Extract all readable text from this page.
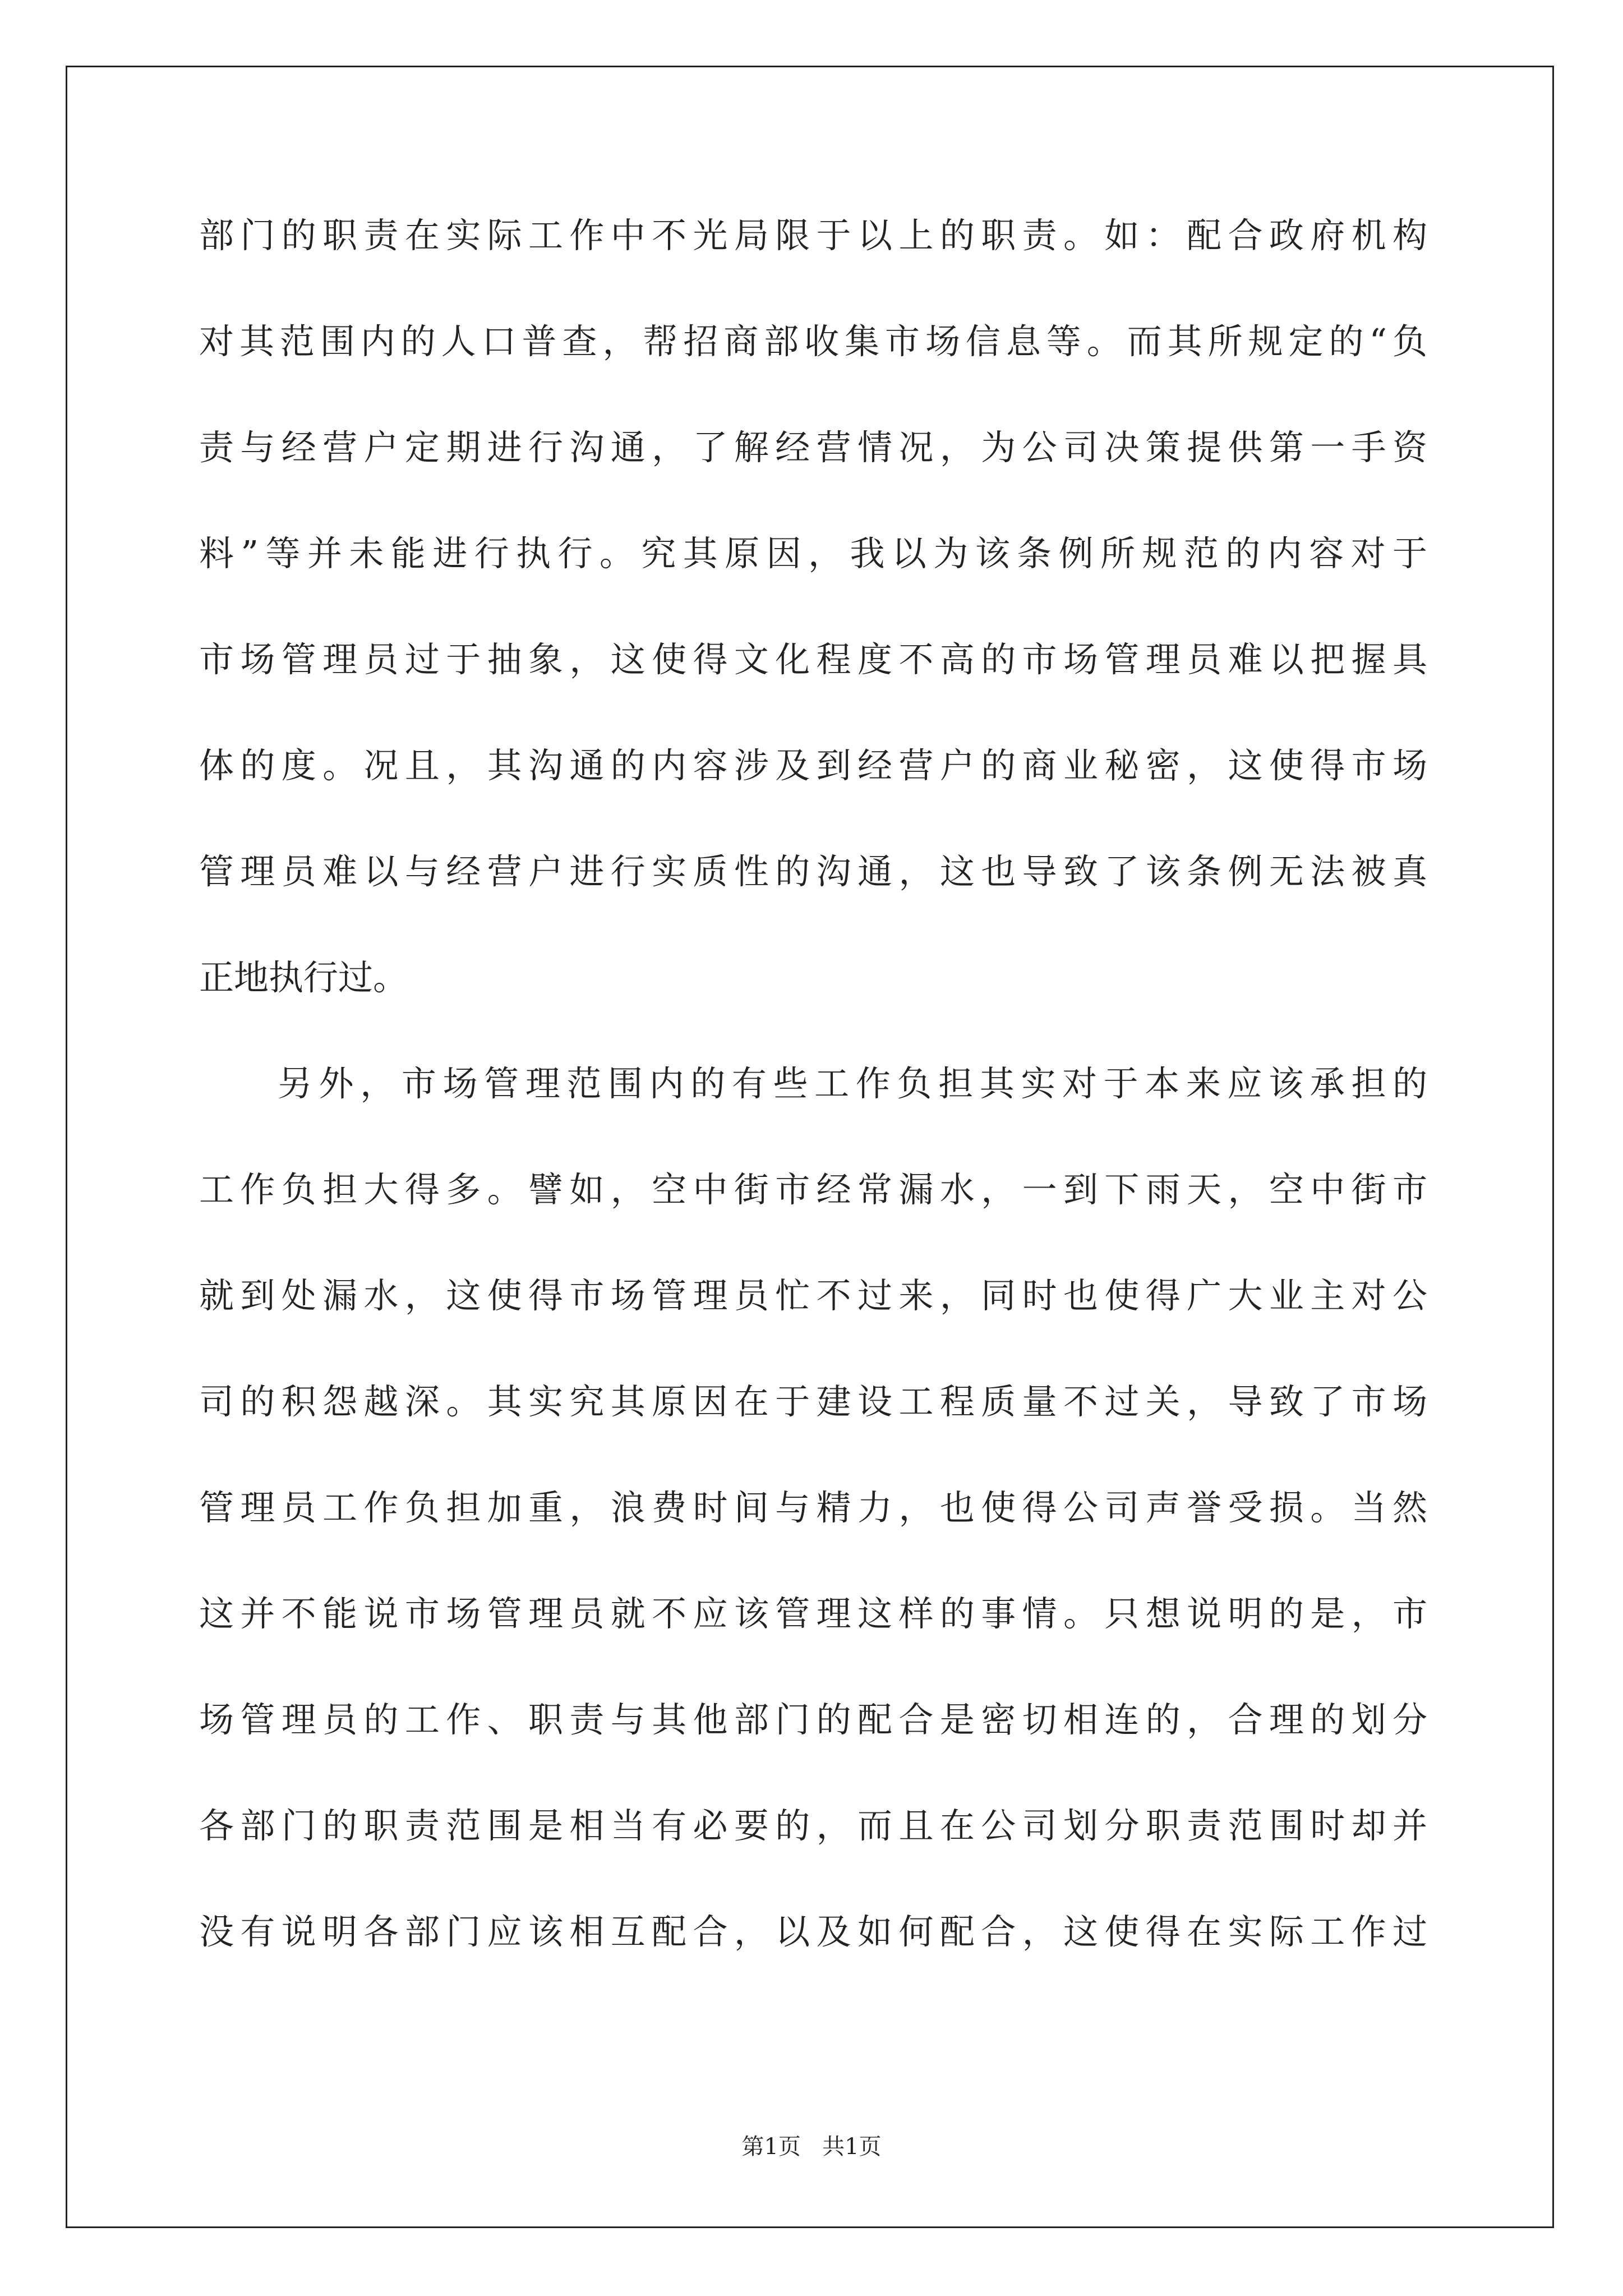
部门的职责在实际工作中不光局限于以上的职责。如：配合政府机构
对其范围内的人口普查，帮招商部收集市场信息等。而其所规定的“负
责与经营户定期进行沟通，了解经营情况，为公司决策提供第一手资
料”等并未能进行执行。究其原因，我以为该条例所规范的内容对于
市场管理员过于抽象，这使得文化程度不高的市场管理员难以把握具
体的度。况且，其沟通的内容涉及到经营户的商业秘密，这使得市场
管理员难以与经营户进行实质性的沟通，这也导致了该条例无法被真
正地执行过。

另外，市场管理范围内的有些工作负担其实对于本来应该承担的
工作负担大得多。譬如，空中街市经常漏水，一到下雨天，空中街市
就到处漏水，这使得市场管理员忙不过来，同时也使得广大业主对公
司的积怨越深。其实究其原因在于建设工程质量不过关，导致了市场
管理员工作负担加重，浪费时间与精力，也使得公司声誉受损。当然
这并不能说市场管理员就不应该管理这样的事情。只想说明的是，市
场管理员的工作、职责与其他部门的配合是密切相连的，合理的划分
各部门的职责范围是相当有必要的，而且在公司划分职责范围时却并
没有说明各部门应该相互配合，以及如何配合，这使得在实际工作过

第1页 共1页
